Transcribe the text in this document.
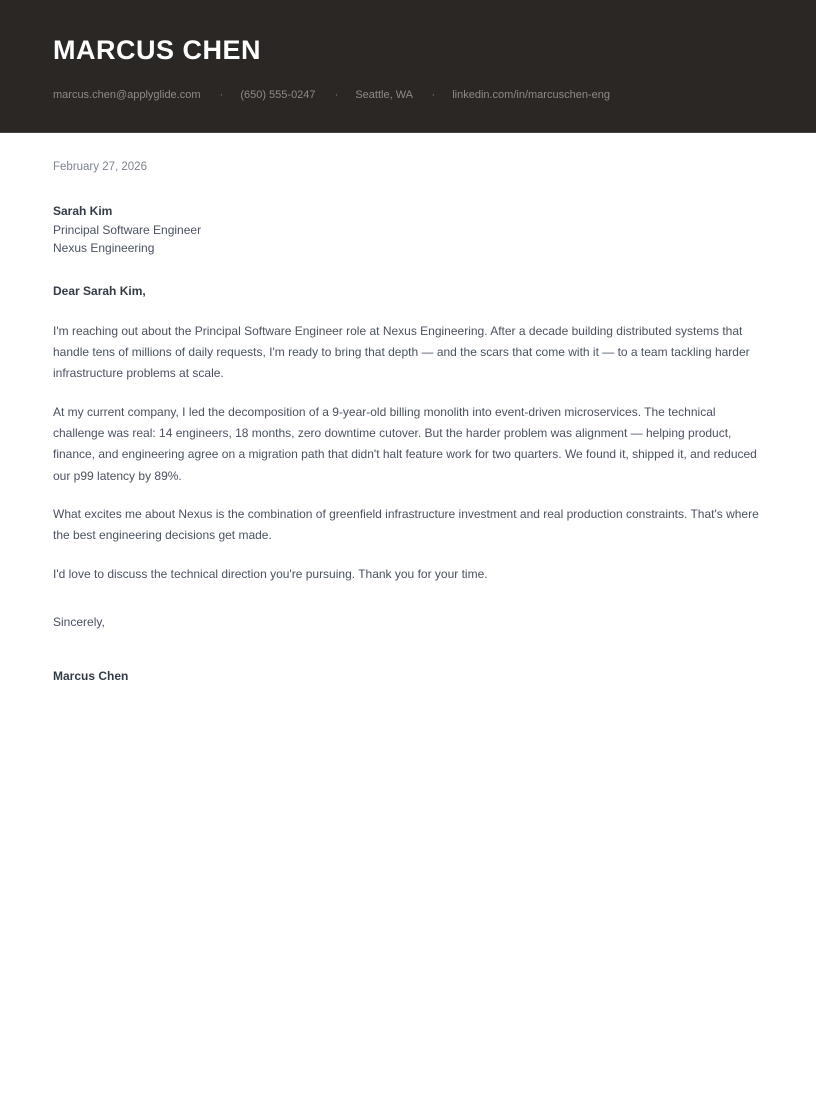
MARCUS CHEN
marcus.chen@applyglide.com · (650) 555-0247 · Seattle, WA · linkedin.com/in/marcuschen-eng
February 27, 2026
Sarah Kim
Principal Software Engineer
Nexus Engineering
Dear Sarah Kim,

I'm reaching out about the Principal Software Engineer role at Nexus Engineering. After a decade building distributed systems that handle tens of millions of daily requests, I'm ready to bring that depth — and the scars that come with it — to a team tackling harder infrastructure problems at scale.

At my current company, I led the decomposition of a 9-year-old billing monolith into event-driven microservices. The technical challenge was real: 14 engineers, 18 months, zero downtime cutover. But the harder problem was alignment — helping product, finance, and engineering agree on a migration path that didn't halt feature work for two quarters. We found it, shipped it, and reduced our p99 latency by 89%.

What excites me about Nexus is the combination of greenfield infrastructure investment and real production constraints. That's where the best engineering decisions get made.

I'd love to discuss the technical direction you're pursuing. Thank you for your time.

Sincerely,
Marcus Chen
